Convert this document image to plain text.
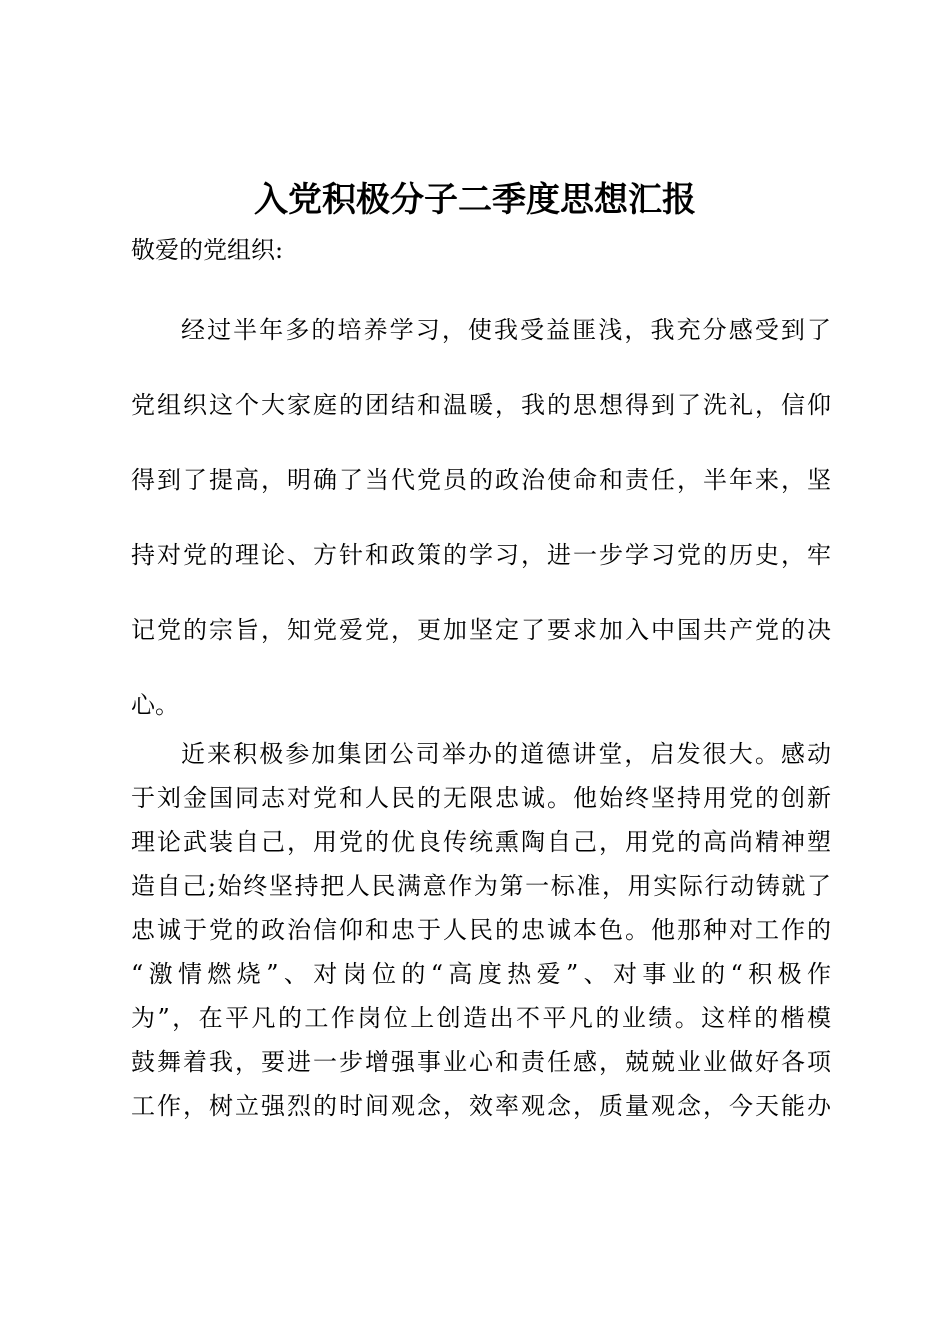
入党积极分子二季度思想汇报
敬爱的党组织:
经过半年多的培养学习，使我受益匪浅，我充分感受到了
党组织这个大家庭的团结和温暖，我的思想得到了洗礼，信仰
得到了提高，明确了当代党员的政治使命和责任，半年来，坚
持对党的理论、方针和政策的学习，进一步学习党的历史，牢
记党的宗旨，知党爱党，更加坚定了要求加入中国共产党的决
心。
近来积极参加集团公司举办的道德讲堂，启发很大。感动
于刘金国同志对党和人民的无限忠诚。他始终坚持用党的创新
理论武装自己，用党的优良传统熏陶自己，用党的高尚精神塑
造自己;始终坚持把人民满意作为第一标准，用实际行动铸就了
忠诚于党的政治信仰和忠于人民的忠诚本色。他那种对工作的
“激情燃烧”、对岗位的“高度热爱”、对事业的“积极作
为”，在平凡的工作岗位上创造出不平凡的业绩。这样的楷模
鼓舞着我，要进一步增强事业心和责任感，兢兢业业做好各项
工作，树立强烈的时间观念，效率观念，质量观念，今天能办
